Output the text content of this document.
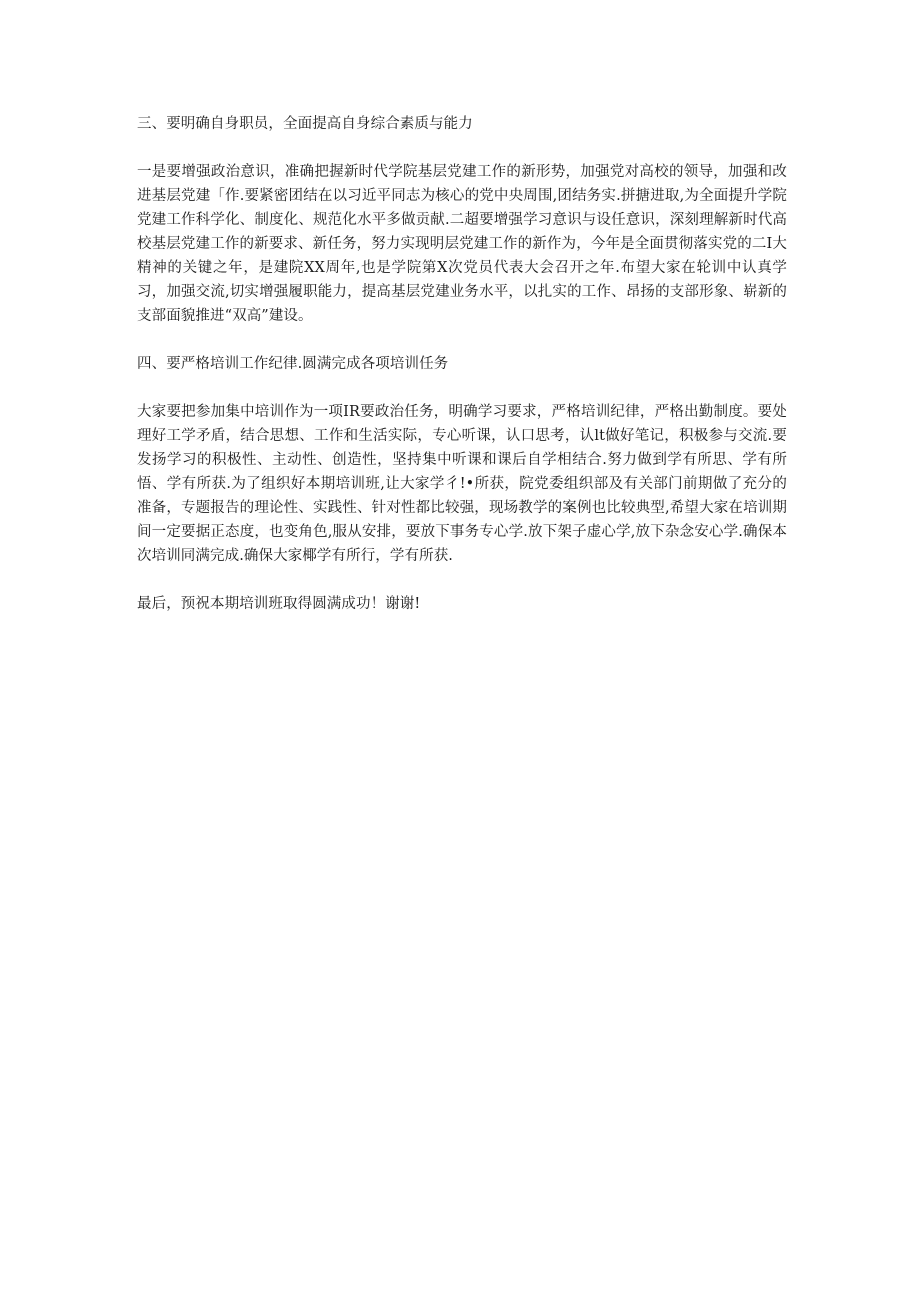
三、要明确自身职员，全面提高自身综合素质与能力

一是要增强政治意识，准确把握新时代学院基层党建工作的新形势，加强党对高校的领导，加强和改进基层党建「作.要紧密团结在以习近平同志为核心的党中央周围,团结务实.拼搪进取,为全面提升学院党建工作科学化、制度化、规范化水平多做贡献.二超要增强学习意识与设任意识，深刻理解新时代高校基层党建工作的新要求、新任务，努力实现明层党建工作的新作为，今年是全面贯彻落实党的二I大精神的关键之年，是建院XX周年,也是学院第X次党员代表大会召开之年.布望大家在轮训中认真学习，加强交流,切实增强履职能力，提高基层党建业务水平，以扎实的工作、昂扬的支部形象、崭新的支部面貌推进“双高”建设。

四、要严格培训工作纪律.圆满完成各项培训任务

大家要把参加集中培训作为一项IR要政治任务，明确学习要求，严格培训纪律，严格出勤制度。要处理好工学矛盾，结合思想、工作和生活实际，专心听课，认口思考，认lt做好笔记，积极参与交流.要发扬学习的积极性、主动性、创造性，坚持集中听课和课后自学相结合.努力做到学有所思、学有所悟、学有所获.为了组织好本期培训班,让大家学彳!•所获，院党委组织部及有关部门前期做了充分的准备，专题报告的理论性、实践性、针对性都比较强，现场教学的案例也比较典型,希望大家在培训期间一定要据正态度，也变角色,服从安排，要放下事务专心学.放下架子虚心学,放下杂念安心学.确保本次培训同满完成.确保大家椰学有所行，学有所获.

最后，预祝本期培训班取得圆满成功！谢谢!
